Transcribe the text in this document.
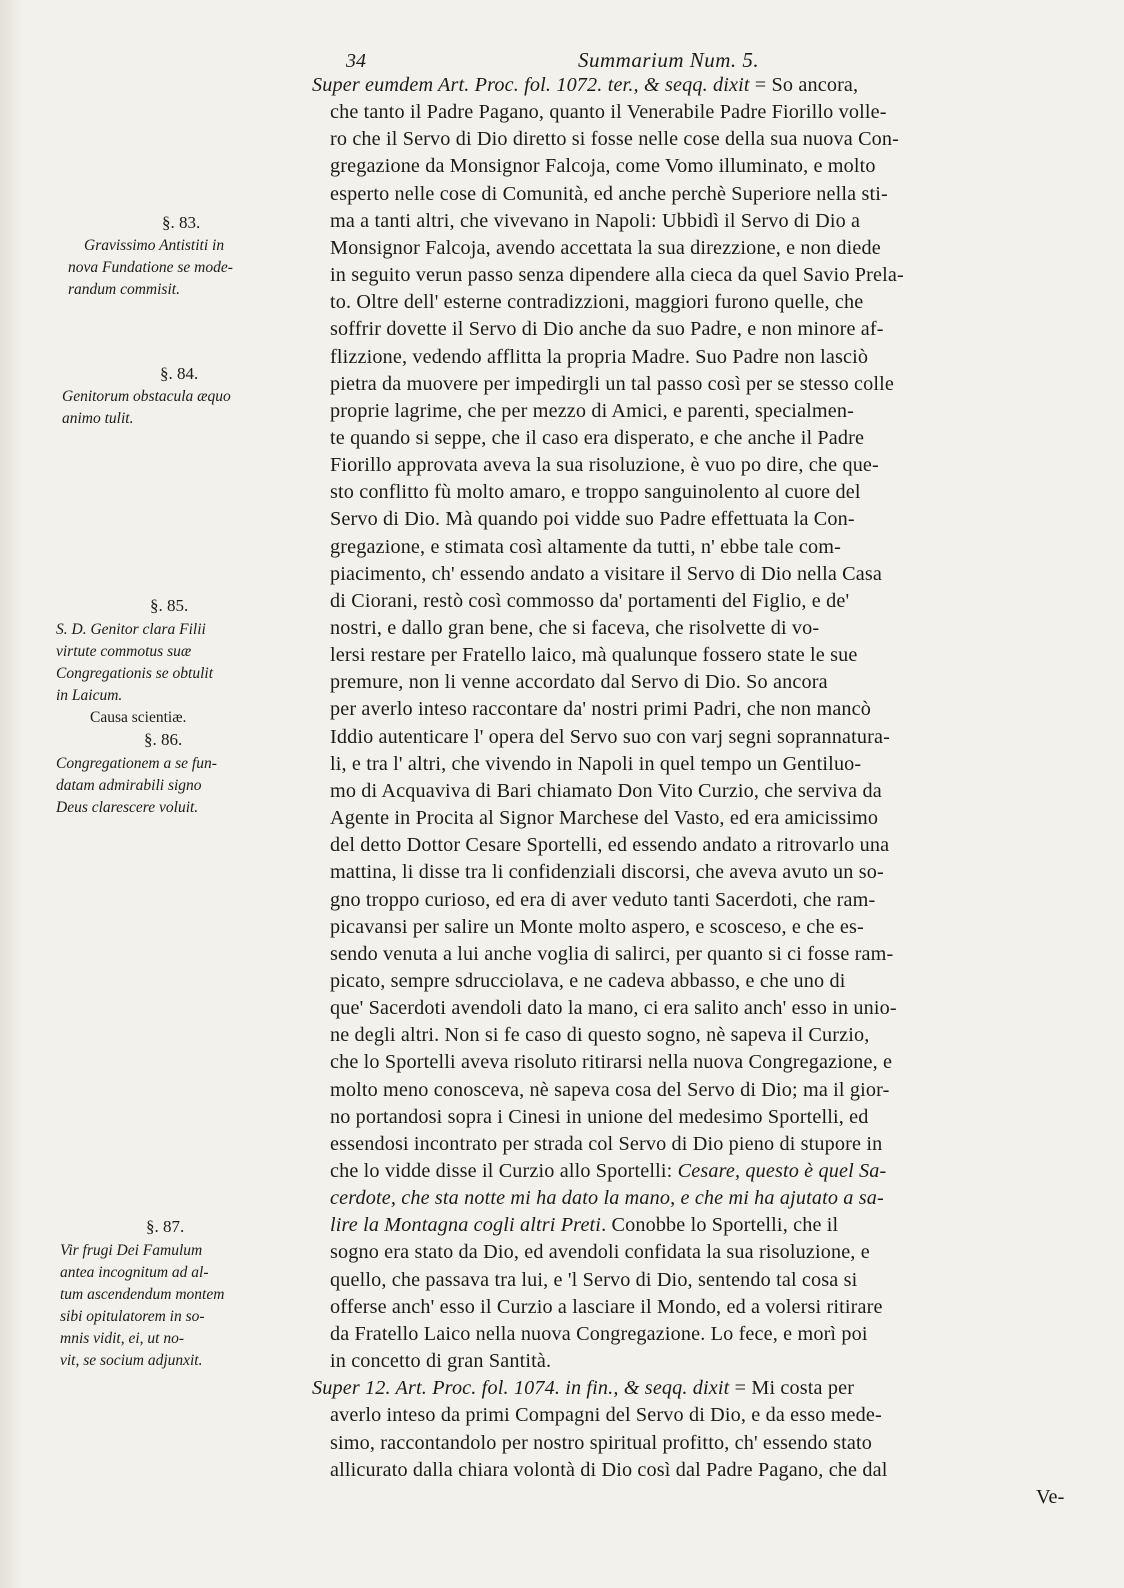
34	Summarium Num. 5.
§. 83.
Gravissimo Antistiti in
nova Fundatione se mode-
randum commisit.
§. 84.
Genitorum obstacula æquo
animo tulit.
§. 85.
S. D. Genitor clara Filii
virtute commotus suæ
Congregationis se obtulit
in Laicum.
Causa scientiæ.
§. 86.
Congregationem a se fun-
datam admirabili signo
Deus clarescere voluit.
§. 87.
Vir frugi Dei Famulum
antea incognitum ad al-
tum ascendendum montem
sibi opitulatorem in so-
mnis vidit, ei, ut no-
vit, se socium adjunxit.
Super eumdem Art. Proc. fol. 1072. ter., & seqq. dixit = So ancora,
che tanto il Padre Pagano, quanto il Venerabile Padre Fiorillo volle-
ro che il Servo di Dio diretto si fosse nelle cose della sua nuova Con-
gregazione da Monsignor Falcoja, come Vomo illuminato, e molto
esperto nelle cose di Comunità, ed anche perchè Superiore nella sti-
ma a tanti altri, che vivevano in Napoli: Ubbidì il Servo di Dio a
Monsignor Falcoja, avendo accettata la sua direzzione, e non diede
in seguito verun passo senza dipendere alla cieca da quel Savio Prela-
to. Oltre dell' esterne contradizzioni, maggiori furono quelle, che
soffrir dovette il Servo di Dio anche da suo Padre, e non minore af-
flizzione, vedendo afflitta la propria Madre. Suo Padre non lasciò
pietra da muovere per impedirgli un tal passo così per se stesso colle
proprie lagrime, che per mezzo di Amici, e parenti, specialmen-
te quando si seppe, che il caso era disperato, e che anche il Padre
Fiorillo approvata aveva la sua risoluzione, è vuo po dire, che que-
sto conflitto fù molto amaro, e troppo sanguinolento al cuore del
Servo di Dio. Mà quando poi vidde suo Padre effettuata la Con-
gregazione, e stimata così altamente da tutti, n' ebbe tale com-
piacimento, ch' essendo andato a visitare il Servo di Dio nella Casa
di Ciorani, restò così commosso da' portamenti del Figlio, e de'
nostri, e dallo gran bene, che si faceva, che risolvette di vo-
lersi restare per Fratello laico, mà qualunque fossero state le sue
premure, non li venne accordato dal Servo di Dio. So ancora
per averlo inteso raccontare da' nostri primi Padri, che non mancò
Iddio autenticare l' opera del Servo suo con varj segni soprannatura-
li, e tra l' altri, che vivendo in Napoli in quel tempo un Gentiluo-
mo di Acquaviva di Bari chiamato Don Vito Curzio, che serviva da
Agente in Procita al Signor Marchese del Vasto, ed era amicissimo
del detto Dottor Cesare Sportelli, ed essendo andato a ritrovarlo una
mattina, li disse tra li confidenziali discorsi, che aveva avuto un so-
gno troppo curioso, ed era di aver veduto tanti Sacerdoti, che ram-
picavansi per salire un Monte molto aspero, e scosceso, e che es-
sendo venuta a lui anche voglia di salirci, per quanto si ci fosse ram-
picato, sempre sdrucciolava, e ne cadeva abbasso, e che uno di
que' Sacerdoti avendoli dato la mano, ci era salito anch' esso in unio-
ne degli altri. Non si fe caso di questo sogno, nè sapeva il Curzio,
che lo Sportelli aveva risoluto ritirarsi nella nuova Congregazione, e
molto meno conosceva, nè sapeva cosa del Servo di Dio; ma il gior-
no portandosi sopra i Cinesi in unione del medesimo Sportelli, ed
essendosi incontrato per strada col Servo di Dio pieno di stupore in
che lo vidde disse il Curzio allo Sportelli: Cesare, questo è quel Sa-
cerdote, che sta notte mi ha dato la mano, e che mi ha ajutato a sa-
lire la Montagna cogli altri Preti. Conobbe lo Sportelli, che il
sogno era stato da Dio, ed avendoli confidata la sua risoluzione, e
quello, che passava tra lui, e 'l Servo di Dio, sentendo tal cosa si
offerse anch' esso il Curzio a lasciare il Mondo, ed a volersi ritirare
da Fratello Laico nella nuova Congregazione. Lo fece, e morì poi
in concetto di gran Santità.
Super 12. Art. Proc. fol. 1074. in fin., & seqq. dixit = Mi costa per
averlo inteso da primi Compagni del Servo di Dio, e da esso mede-
simo, raccontandolo per nostro spiritual profitto, ch' essendo stato
allicurato dalla chiara volontà di Dio così dal Padre Pagano, che dal
Ve-
